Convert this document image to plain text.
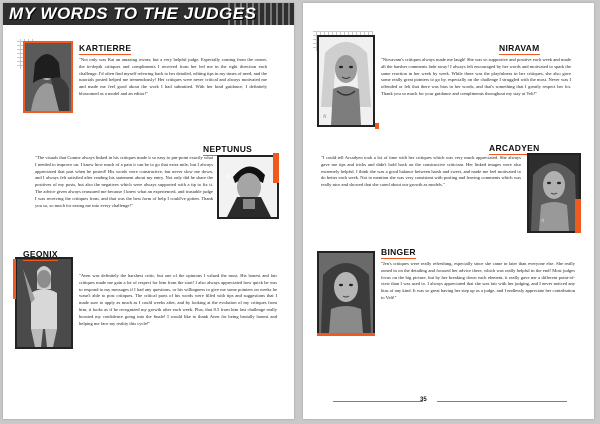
MY WORDS TO THE JUDGES
KARTIERRE
"Not only was Kat an amazing owner, but a very helpful judge. Especially coming from the owner, the in-depth critiques and compliments I received from her led me in the right direction each challenge. I'd often find myself referring back to her detailed, editing tips in my times of need, and the tutorials posted helped me tremendously! Her critiques were never critical and always motivated me and made me feel good about the work I had submitted. With her kind guidance, I definitely blossomed as a model and an editor!"
NEPTUNUS
"The visuals that Connie always linked in his critiques made it so easy to pin-point exactly what I needed to improve on. I know how much of a pain it can be to go that extra mile, but I always appreciated that part when he posted! His words were constructive, but never slow me down, and I always felt satisfied after reading his statement about my entry. Not only did he share the positives of my posts, but also the negatives which were always supported with a tip to fix it. The advice given always reassured me because I knew what an experienced, and trustable judge I was receiving the critiques from, and that was the best form of help I could've gotten. Thank you so, so much for easing me into every challenge!"
N
GEONIX
"Aven was definitely the harshest critic, but one of the opinions I valued the most. His honest and fair critiques made me gain a lot of respect for him from the start! I also always appreciated how quick he was to respond to my messages if I had any questions, or his willingness to give me some pointers on weeks he wasn't able to post critiques. The critical parts of his words were filled with tips and suggestions that I made sure to apply as much as I could weeks after, and by looking at the evolution of my critiques from him, it looks as if he recognized my growth after each week. Plus, that 8.5 from him last challenge really boosted my confidence going into the finale! I would like to thank Aven for being brutally honest and helping me face my reality this cycle!"
N
NIRAVAM
"Nirvavam's critiques always made me laugh! She was so supportive and positive each week and made all the harsher comments fade away! I always felt encouraged by her words and motivated to spark the same reaction in her week by week. While there was the playfulness in her critiques, she also gave some really great pointers to go by, especially on the challenge I struggled with the most. Never was I offended or felt that there was bias in her words, and that's something that I greatly respect her for. Thank you so much for your guidance and compliments throughout my stay at Velt!"
ARCADYEN
"I could tell Arcadyen took a lot of time with her critiques which was very much appreciated. She always gave me tips and tricks and didn't hold back on the constructive criticism. Her linked images were also extremely helpful. I think she was a good balance between harsh and sweet, and made me feel motivated to do better each week. Not to mention she was very consistent with posting and leaving comments which was really nice and showed that she cared about our growth as models."
A
BINGER
"Jen's critiques were really refreshing, especially since she came in later than everyone else. She really zoned in on the detailing and focused her advice there, which was really helpful in the end! Most judges focus on the big picture, but by her breaking down each element, it really gave me a different point-of-view than I was used to. I always appreciated that she was fair with her judging, and I never noticed any bias of any kind. It was so great having her step up as a judge, and I endlessly appreciate her contribution to Velt!"
35
